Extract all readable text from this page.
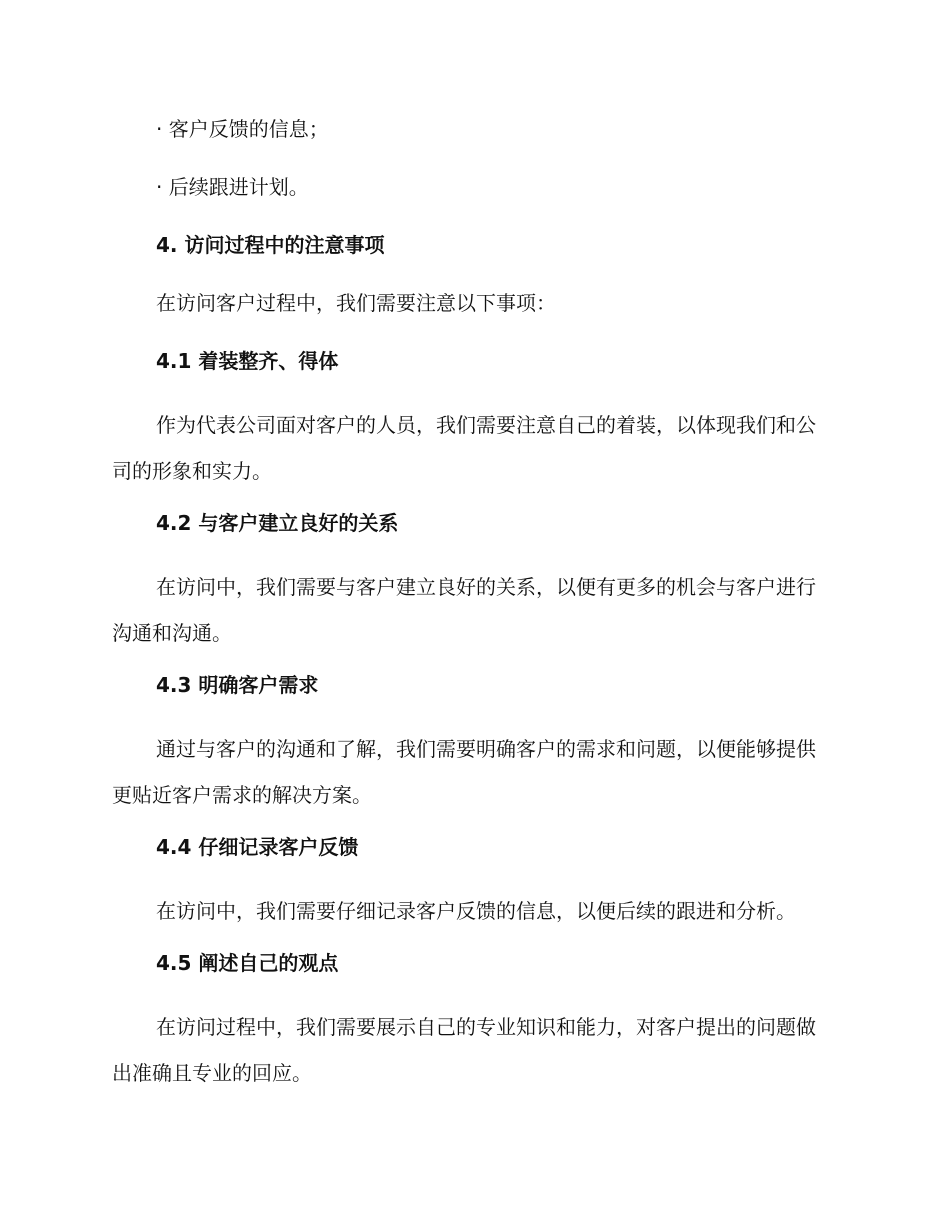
· 客户反馈的信息；

· 后续跟进计划。

4. 访问过程中的注意事项

在访问客户过程中，我们需要注意以下事项：

4.1 着装整齐、得体

作为代表公司面对客户的人员，我们需要注意自己的着装，以体现我们和公司的形象和实力。

4.2 与客户建立良好的关系

在访问中，我们需要与客户建立良好的关系，以便有更多的机会与客户进行沟通和沟通。

4.3 明确客户需求

通过与客户的沟通和了解，我们需要明确客户的需求和问题，以便能够提供更贴近客户需求的解决方案。

4.4 仔细记录客户反馈

在访问中，我们需要仔细记录客户反馈的信息，以便后续的跟进和分析。

4.5 阐述自己的观点

在访问过程中，我们需要展示自己的专业知识和能力，对客户提出的问题做出准确且专业的回应。
